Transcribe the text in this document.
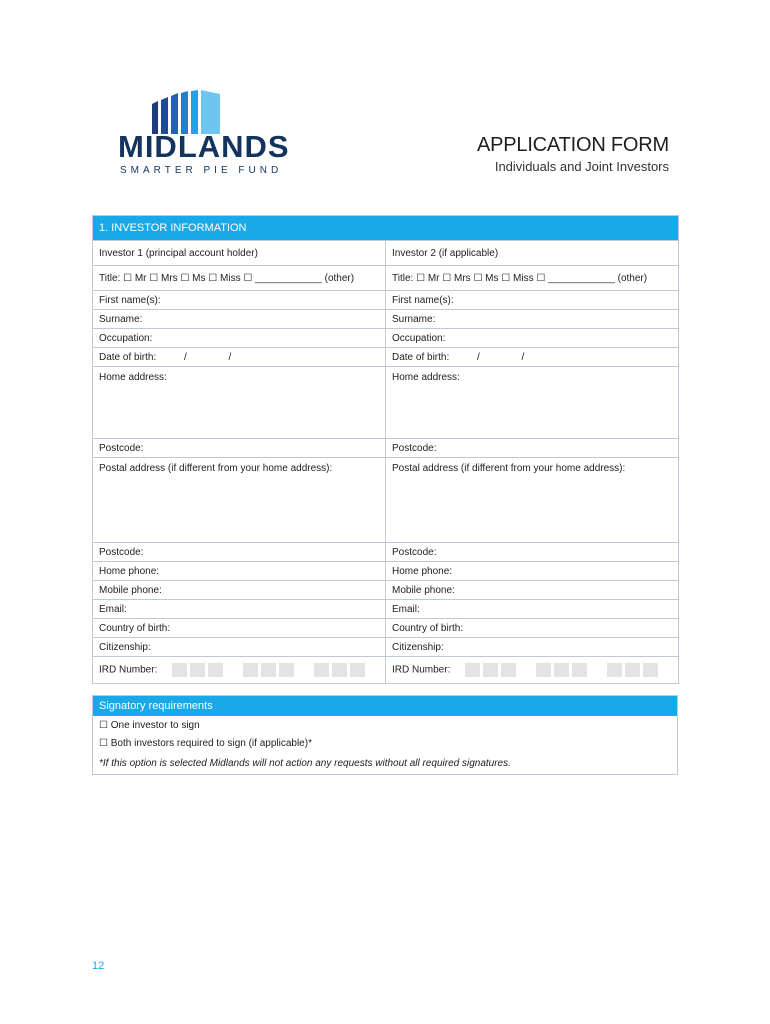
MIDLANDS
SMARTER PIE FUND
APPLICATION FORM
Individuals and Joint Investors
1. INVESTOR INFORMATION	
Investor 1 (principal account holder)	Investor 2 (if applicable)
Title: ☐ Mr ☐ Mrs ☐ Ms ☐ Miss ☐ ____________ (other)	Title: ☐ Mr ☐ Mrs ☐ Ms ☐ Miss ☐ ____________ (other)
First name(s):	First name(s):
Surname:	Surname:
Occupation:	Occupation:
Date of birth:          /               /	Date of birth:          /               /
Home address:	Home address:
Postcode:	Postcode:
Postal address (if different from your home address):	Postal address (if different from your home address):
Postcode:	Postcode:
Home phone:	Home phone:
Mobile phone:	Mobile phone:
Email:	Email:
Country of birth:	Country of birth:
Citizenship:	Citizenship:
IRD Number:	IRD Number:
Signatory requirements
☐ One investor to sign
☐ Both investors required to sign (if applicable)*
*If this option is selected Midlands will not action any requests without all required signatures.
12
